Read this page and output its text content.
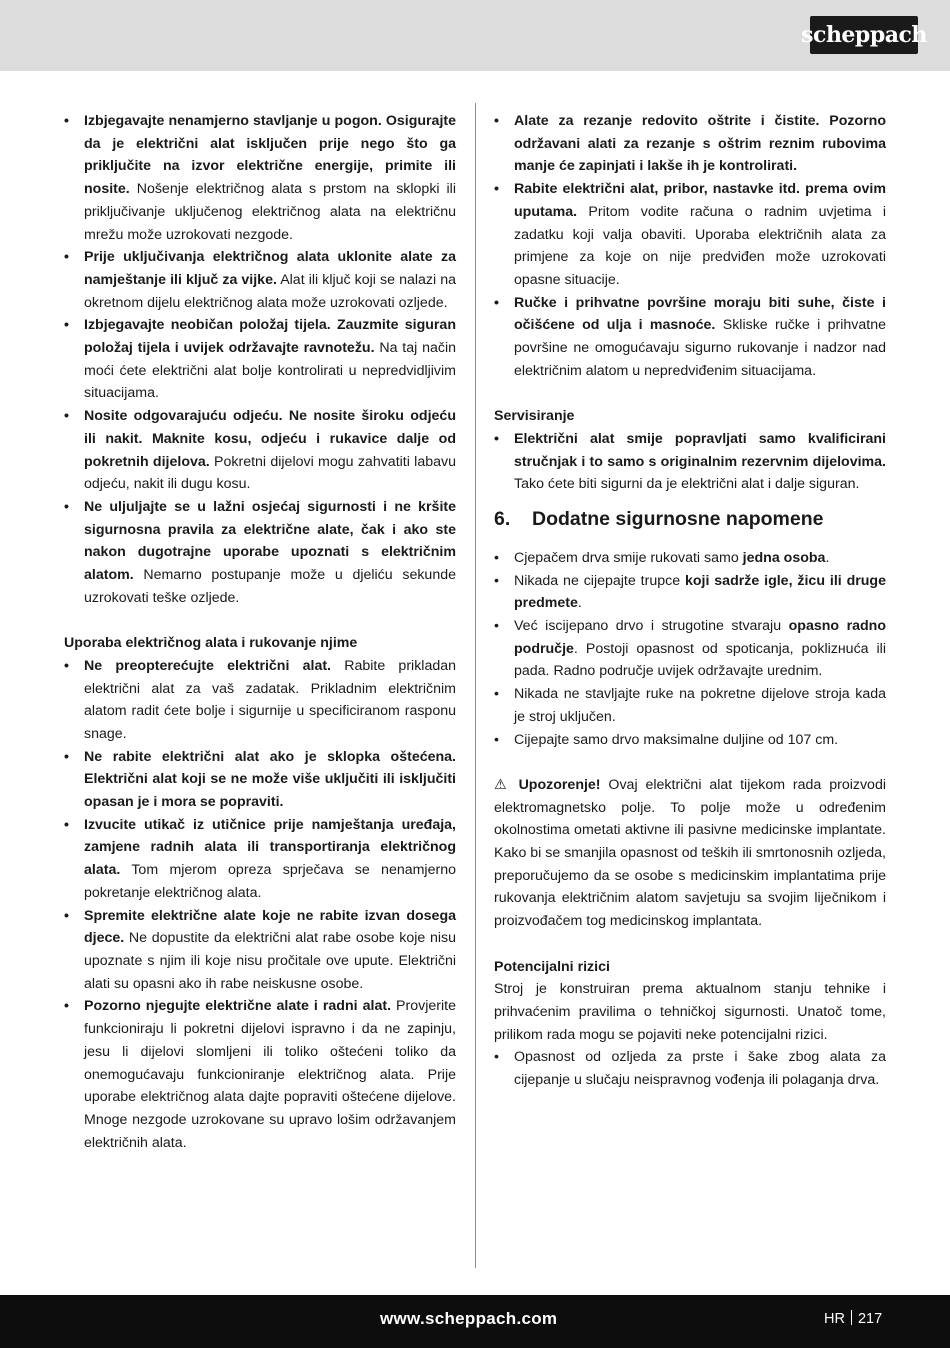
scheppach
• Izbjegavajte nenamjerno stavljanje u pogon. Osigurajte da je električni alat isključen prije nego što ga priključite na izvor električne energije, primite ili nosite. Nošenje električnog alata s prstom na sklopki ili priključivanje uključenog električnog alata na električnu mrežu može uzrokovati nezgode.
• Prije uključivanja električnog alata uklonite alate za namještanje ili ključ za vijke. Alat ili ključ koji se nalazi na okretnom dijelu električnog alata može uzrokovati ozljede.
• Izbjegavajte neobičan položaj tijela. Zauzmite siguran položaj tijela i uvijek održavajte ravnotežu. Na taj način moći ćete električni alat bolje kontrolirati u nepredvidljivim situacijama.
• Nosite odgovarajuću odjeću. Ne nosite široku odjeću ili nakit. Maknite kosu, odjeću i rukavice dalje od pokretnih dijelova. Pokretni dijelovi mogu zahvatiti labavu odjeću, nakit ili dugu kosu.
• Ne uljuljajte se u lažni osjećaj sigurnosti i ne kršite sigurnosna pravila za električne alate, čak i ako ste nakon dugotrajne uporabe upoznati s električnim alatom. Nemarno postupanje može u djeliću sekunde uzrokovati teške ozljede.
Uporaba električnog alata i rukovanje njime
• Ne preopterećujte električni alat. Rabite prikladan električni alat za vaš zadatak. Prikladnim električnim alatom radit ćete bolje i sigurnije u specificiranom rasponu snage.
• Ne rabite električni alat ako je sklopka oštećena. Električni alat koji se ne može više uključiti ili isključiti opasan je i mora se popraviti.
• Izvucite utikač iz utičnice prije namještanja uređaja, zamjene radnih alata ili transportiranja električnog alata. Tom mjerom opreza sprječava se nenamjerno pokretanje električnog alata.
• Spremite električne alate koje ne rabite izvan dosega djece. Ne dopustite da električni alat rabe osobe koje nisu upoznate s njim ili koje nisu pročitale ove upute. Električni alati su opasni ako ih rabe neiskusne osobe.
• Pozorno njegujte električne alate i radni alat. Provjerite funkcioniraju li pokretni dijelovi ispravno i da ne zapinju, jesu li dijelovi slomljeni ili toliko oštećeni toliko da onemogućavaju funkcioniranje električnog alata. Prije uporabe električnog alata dajte popraviti oštećene dijelove. Mnoge nezgode uzrokovane su upravo lošim održavanjem električnih alata.
• Alate za rezanje redovito oštrite i čistite. Pozorno održavani alati za rezanje s oštrim reznim rubovima manje će zapinjati i lakše ih je kontrolirati.
• Rabite električni alat, pribor, nastavke itd. prema ovim uputama. Pritom vodite računa o radnim uvjetima i zadatku koji valja obaviti. Uporaba električnih alata za primjene za koje on nije predviđen može uzrokovati opasne situacije.
• Ručke i prihvatne površine moraju biti suhe, čiste i očišćene od ulja i masnoće. Skliske ručke i prihvatne površine ne omogućavaju sigurno rukovanje i nadzor nad električnim alatom u nepredviđenim situacijama.
Servisiranje
• Električni alat smije popravljati samo kvalificirani stručnjak i to samo s originalnim rezervnim dijelovima. Tako ćete biti sigurni da je električni alat i dalje siguran.
6. Dodatne sigurnosne napomene
• Cjepačem drva smije rukovati samo jedna osoba.
• Nikada ne cijepajte trupce koji sadrže igle, žicu ili druge predmete.
• Već iscijepano drvo i strugotine stvaraju opasno radno područje. Postoji opasnost od spoticanja, poklizнuća ili pada. Radno područje uvijek održavajte urednim.
• Nikada ne stavljajte ruke na pokretne dijelove stroja kada je stroj uključen.
• Cijepajte samo drvo maksimalne duljine od 107 cm.
⚠ Upozorenje! Ovaj električni alat tijekom rada proizvodi elektromagnetsko polje. To polje može u određenim okolnostima ometati aktivne ili pasivne medicinske implantate. Kako bi se smanjila opasnost od teških ili smrtonosnih ozljeda, preporučujemo da se osobe s medicinskim implantatima prije rukovanja električnim alatom savjetuju sa svojim liječnikom i proizvođačem tog medicinskog implantata.
Potencijalni rizici
Stroj je konstruiran prema aktualnom stanju tehnike i prihvaćenim pravilima o tehničkoj sigurnosti. Unatoč tome, prilikom rada mogu se pojaviti neke potencijalni rizici.
• Opasnost od ozljeda za prste i šake zbog alata za cijepanje u slučaju neispravnog vođenja ili polaganja drva.
www.scheppach.com	HR 217
